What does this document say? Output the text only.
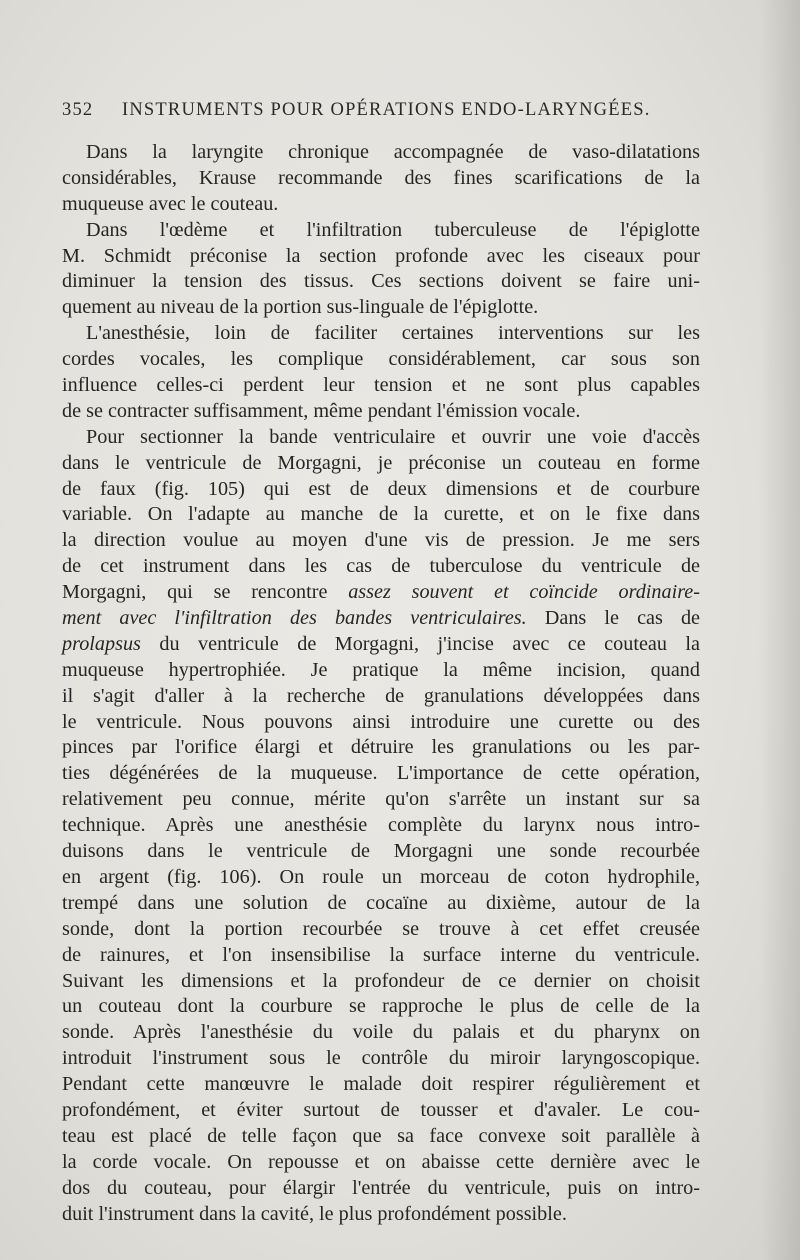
352 INSTRUMENTS POUR OPÉRATIONS ENDO-LARYNGÉES.
Dans la laryngite chronique accompagnée de vaso-dilatations
considérables, Krause recommande des fines scarifications de la
muqueuse avec le couteau.
Dans l'œdème et l'infiltration tuberculeuse de l'épiglotte
M. Schmidt préconise la section profonde avec les ciseaux pour
diminuer la tension des tissus. Ces sections doivent se faire uni-
quement au niveau de la portion sus-linguale de l'épiglotte.
L'anesthésie, loin de faciliter certaines interventions sur les
cordes vocales, les complique considérablement, car sous son
influence celles-ci perdent leur tension et ne sont plus capables
de se contracter suffisamment, même pendant l'émission vocale.
Pour sectionner la bande ventriculaire et ouvrir une voie d'accès
dans le ventricule de Morgagni, je préconise un couteau en forme
de faux (fig. 105) qui est de deux dimensions et de courbure
variable. On l'adapte au manche de la curette, et on le fixe dans
la direction voulue au moyen d'une vis de pression. Je me sers
de cet instrument dans les cas de tuberculose du ventricule de
Morgagni, qui se rencontre assez souvent et coïncide ordinaire-
ment avec l'infiltration des bandes ventriculaires. Dans le cas de
prolapsus du ventricule de Morgagni, j'incise avec ce couteau la
muqueuse hypertrophiée. Je pratique la même incision, quand
il s'agit d'aller à la recherche de granulations développées dans
le ventricule. Nous pouvons ainsi introduire une curette ou des
pinces par l'orifice élargi et détruire les granulations ou les par-
ties dégénérées de la muqueuse. L'importance de cette opération,
relativement peu connue, mérite qu'on s'arrête un instant sur sa
technique. Après une anesthésie complète du larynx nous intro-
duisons dans le ventricule de Morgagni une sonde recourbée
en argent (fig. 106). On roule un morceau de coton hydrophile,
trempé dans une solution de cocaïne au dixième, autour de la
sonde, dont la portion recourbée se trouve à cet effet creusée
de rainures, et l'on insensibilise la surface interne du ventricule.
Suivant les dimensions et la profondeur de ce dernier on choisit
un couteau dont la courbure se rapproche le plus de celle de la
sonde. Après l'anesthésie du voile du palais et du pharynx on
introduit l'instrument sous le contrôle du miroir laryngoscopique.
Pendant cette manœuvre le malade doit respirer régulièrement et
profondément, et éviter surtout de tousser et d'avaler. Le cou-
teau est placé de telle façon que sa face convexe soit parallèle à
la corde vocale. On repousse et on abaisse cette dernière avec le
dos du couteau, pour élargir l'entrée du ventricule, puis on intro-
duit l'instrument dans la cavité, le plus profondément possible.
